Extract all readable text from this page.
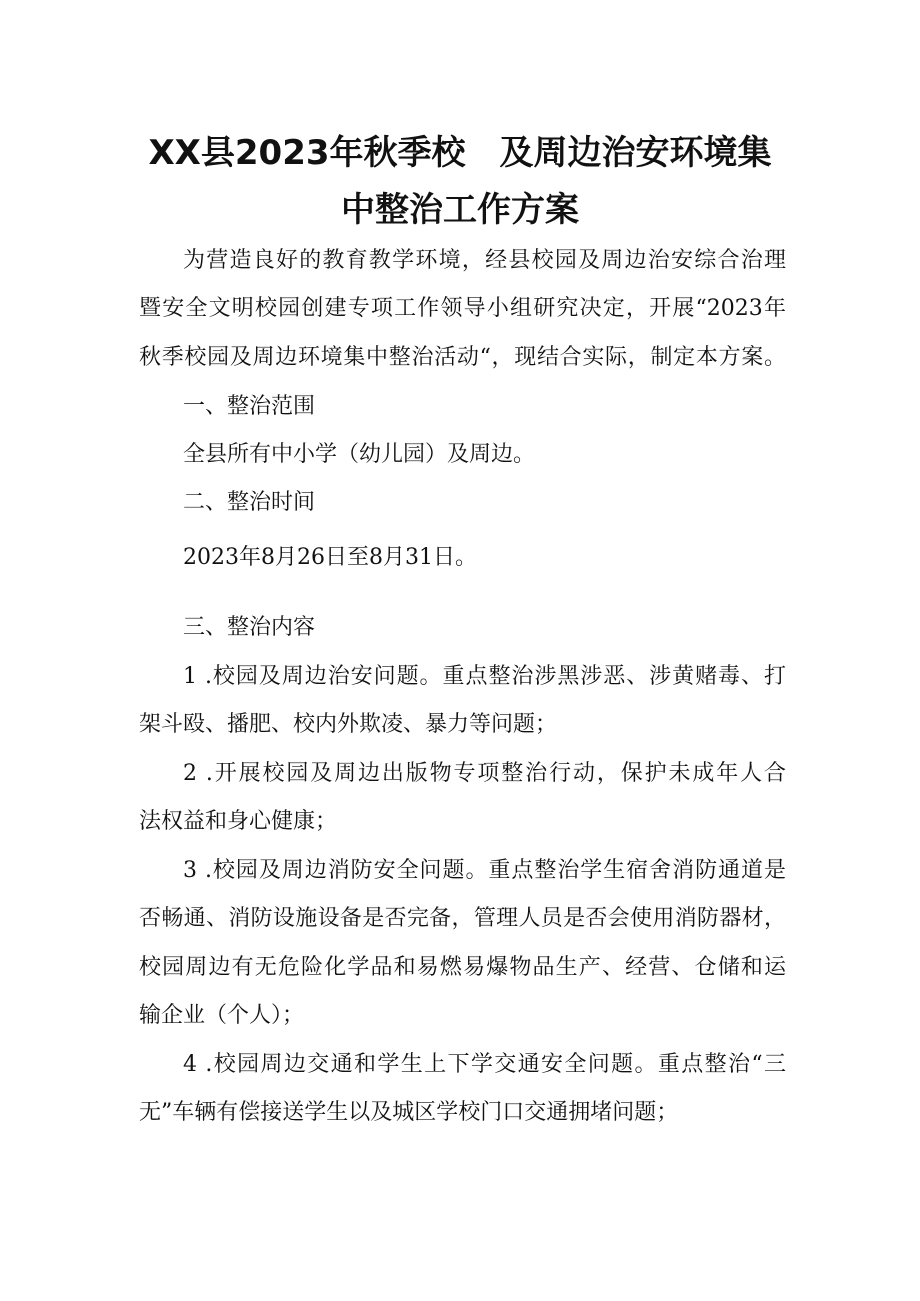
XX县2023年秋季校　及周边治安环境集
中整治工作方案
为营造良好的教育教学环境，经县校园及周边治安综合治理
暨安全文明校园创建专项工作领导小组研究决定，开展“2023年
秋季校园及周边环境集中整治活动“，现结合实际，制定本方案。
一、整治范围
全县所有中小学（幼儿园）及周边。
二、整治时间
2023年8月26日至8月31日。
三、整治内容
1 .校园及周边治安问题。重点整治涉黑涉恶、涉黄赌毒、打
架斗殴、播肥、校内外欺凌、暴力等问题；
2 .开展校园及周边出版物专项整治行动，保护未成年人合
法权益和身心健康；
3 .校园及周边消防安全问题。重点整治学生宿舍消防通道是
否畅通、消防设施设备是否完备，管理人员是否会使用消防器材，
校园周边有无危险化学品和易燃易爆物品生产、经营、仓储和运
输企业（个人）；
4 .校园周边交通和学生上下学交通安全问题。重点整治“三
无”车辆有偿接送学生以及城区学校门口交通拥堵问题；
